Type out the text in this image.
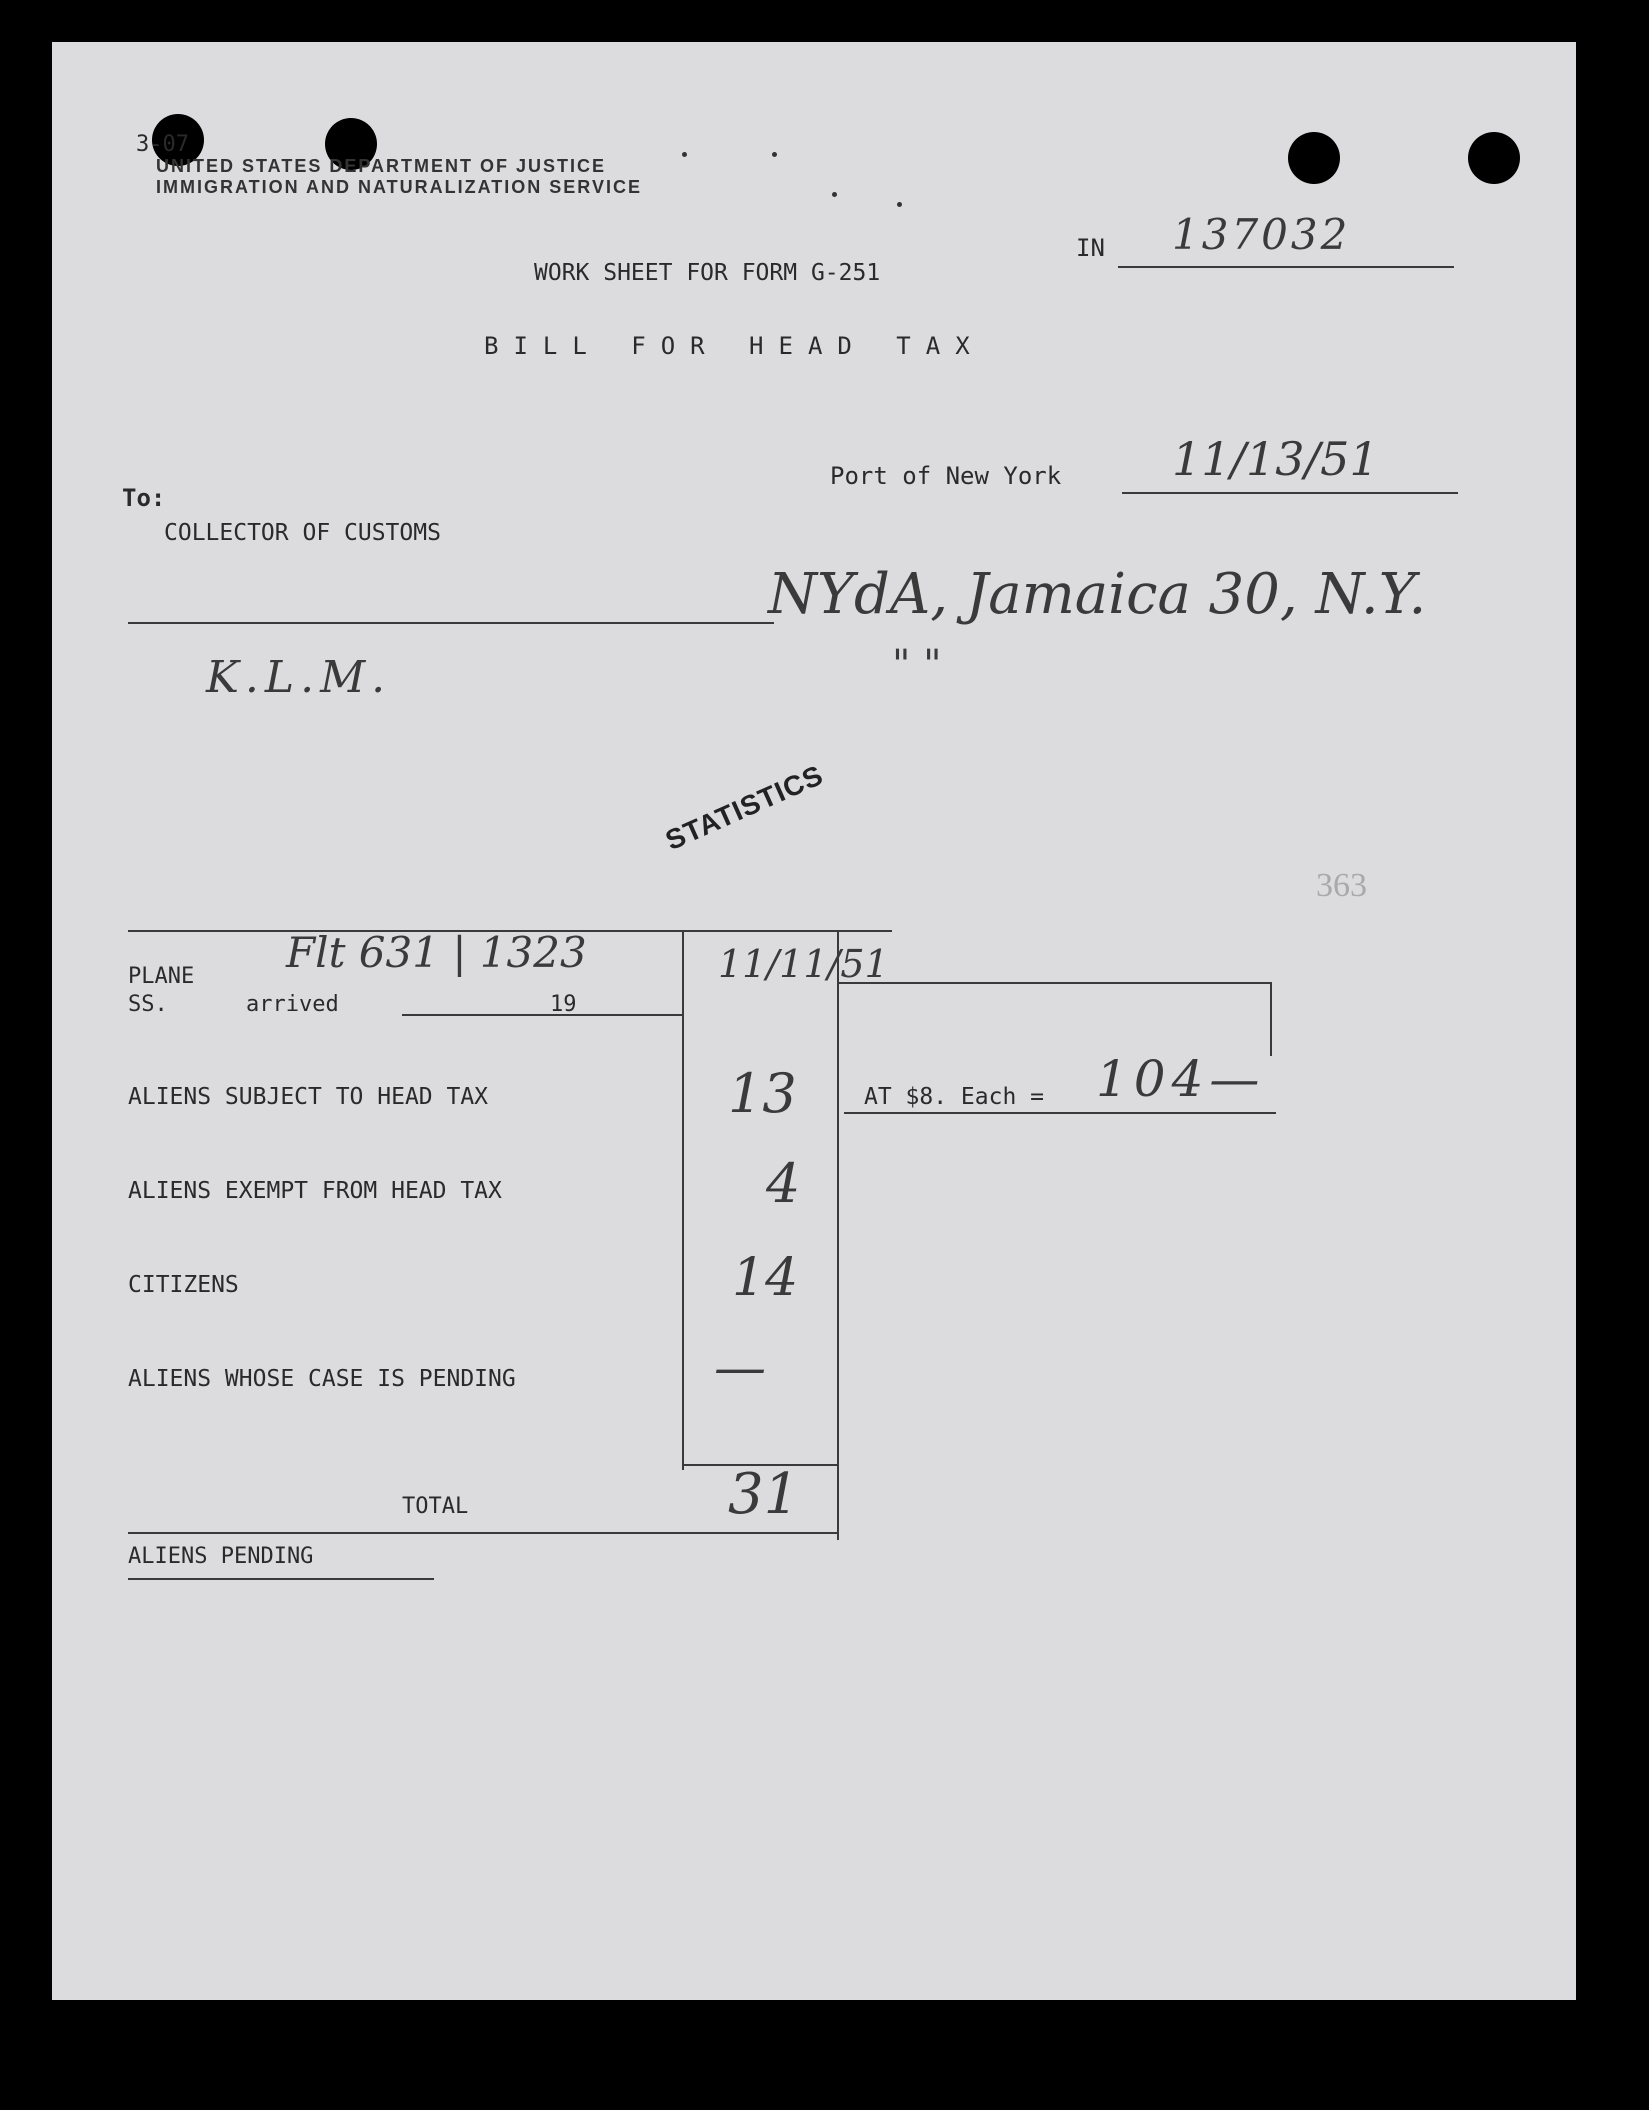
3-07
UNITED STATES DEPARTMENT OF JUSTICE
IMMIGRATION AND NATURALIZATION SERVICE
IN 137032
WORK SHEET FOR FORM G-251
BILL FOR HEAD TAX
Port of New York 11/13/51
To:
COLLECTOR OF CUSTOMS
NYdA, Jamaica 30, N.Y.
" "
K.L.M.
STATISTICS
363
PLANE
SS.	arrived	19
Flt 631 | 1323	11/11/51
ALIENS SUBJECT TO HEAD TAX	13
ALIENS EXEMPT FROM HEAD TAX	4
CITIZENS	14
ALIENS WHOSE CASE IS PENDING	—
AT $8. Each = 104—
TOTAL	31
ALIENS PENDING
